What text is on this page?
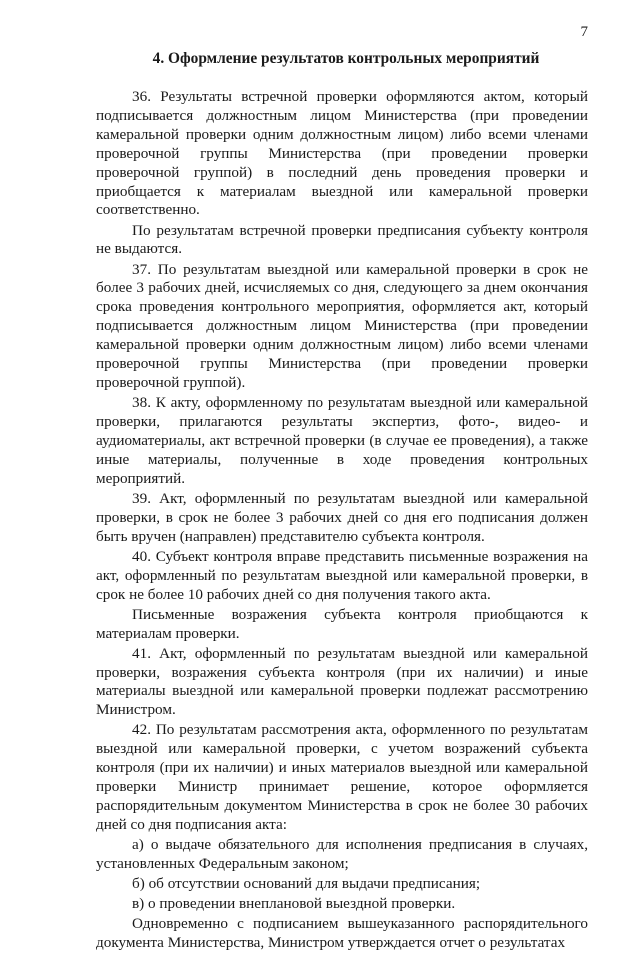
7
4. Оформление результатов контрольных мероприятий

36. Результаты встречной проверки оформляются актом, который подписывается должностным лицом Министерства (при проведении камеральной проверки одним должностным лицом) либо всеми членами проверочной группы Министерства (при проведении проверки проверочной группой) в последний день проведения проверки и приобщается к материалам выездной или камеральной проверки соответственно.

По результатам встречной проверки предписания субъекту контроля не выдаются.

37. По результатам выездной или камеральной проверки в срок не более 3 рабочих дней, исчисляемых со дня, следующего за днем окончания срока проведения контрольного мероприятия, оформляется акт, который подписывается должностным лицом Министерства (при проведении камеральной проверки одним должностным лицом) либо всеми членами проверочной группы Министерства (при проведении проверки проверочной группой).

38. К акту, оформленному по результатам выездной или камеральной проверки, прилагаются результаты экспертиз, фото-, видео- и аудиоматериалы, акт встречной проверки (в случае ее проведения), а также иные материалы, полученные в ходе проведения контрольных мероприятий.

39. Акт, оформленный по результатам выездной или камеральной проверки, в срок не более 3 рабочих дней со дня его подписания должен быть вручен (направлен) представителю субъекта контроля.

40. Субъект контроля вправе представить письменные возражения на акт, оформленный по результатам выездной или камеральной проверки, в срок не более 10 рабочих дней со дня получения такого акта.

Письменные возражения субъекта контроля приобщаются к материалам проверки.

41. Акт, оформленный по результатам выездной или камеральной проверки, возражения субъекта контроля (при их наличии) и иные материалы выездной или камеральной проверки подлежат рассмотрению Министром.

42. По результатам рассмотрения акта, оформленного по результатам выездной или камеральной проверки, с учетом возражений субъекта контроля (при их наличии) и иных материалов выездной или камеральной проверки Министр принимает решение, которое оформляется распорядительным документом Министерства в срок не более 30 рабочих дней со дня подписания акта:

а) о выдаче обязательного для исполнения предписания в случаях, установленных Федеральным законом;

б) об отсутствии оснований для выдачи предписания;

в) о проведении внеплановой выездной проверки.

Одновременно с подписанием вышеуказанного распорядительного документа Министерства, Министром утверждается отчет о результатах
